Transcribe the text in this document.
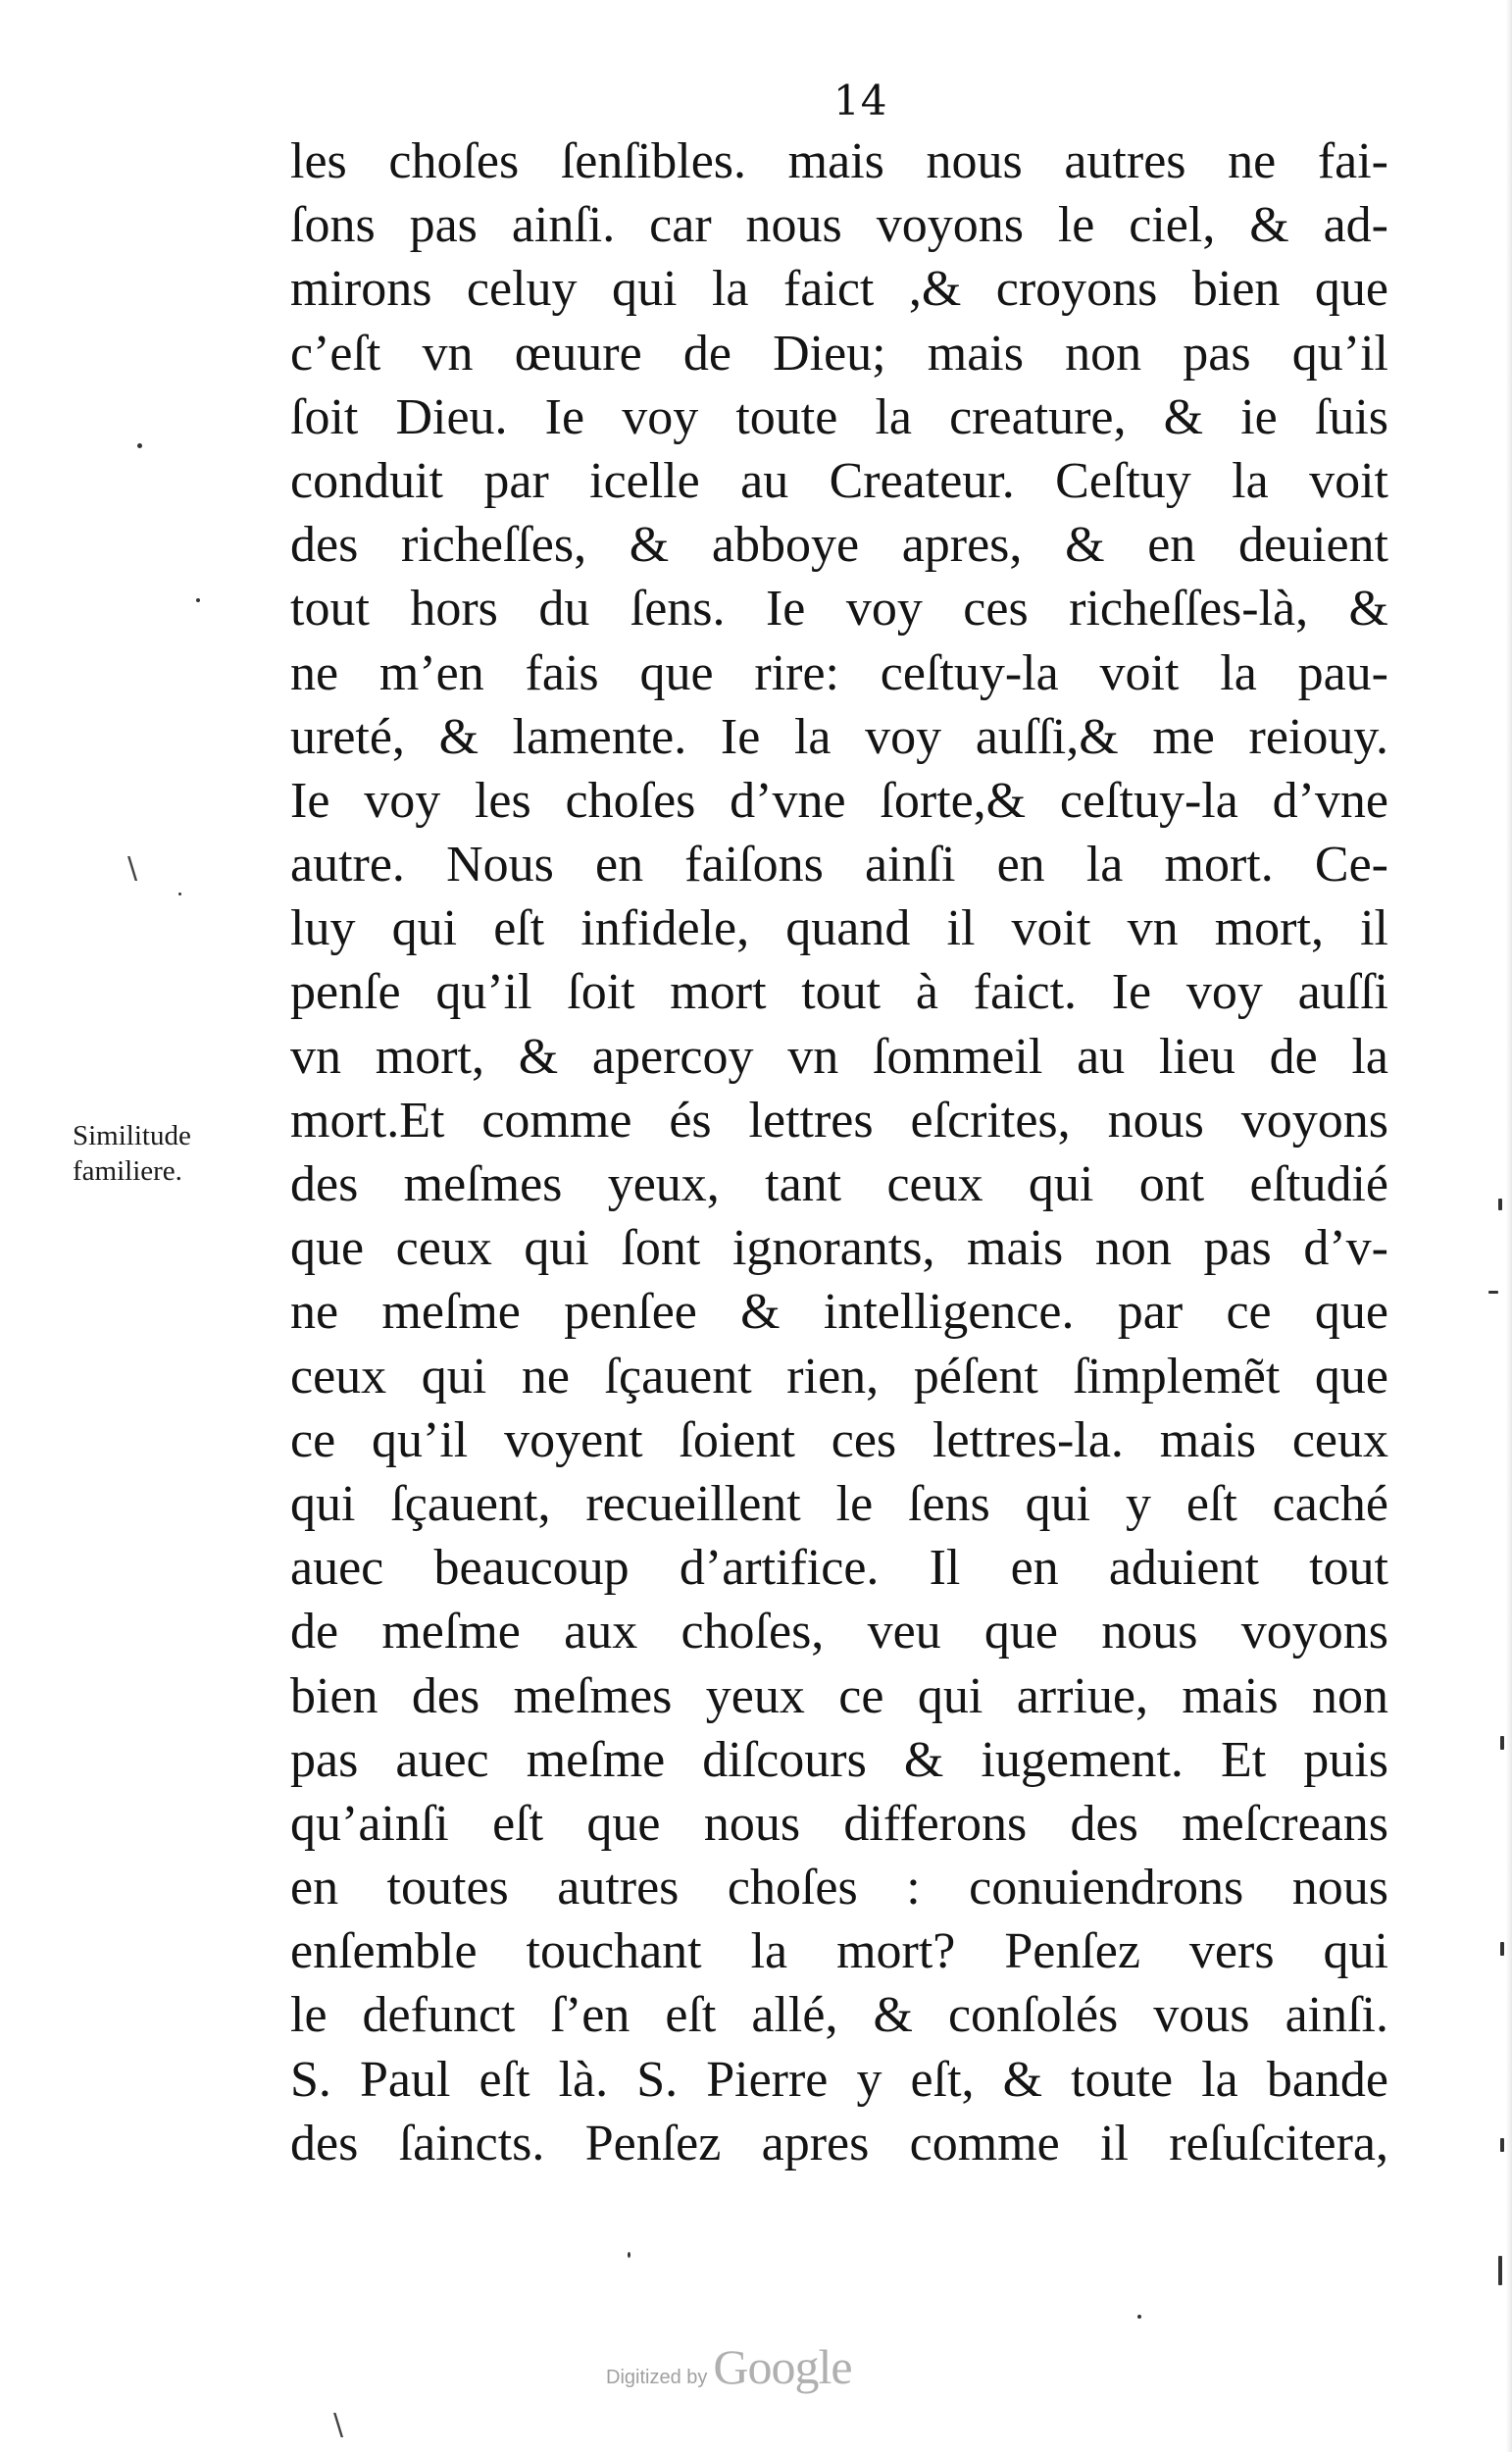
14
Similitude
familiere.
les choſes ſenſibles. mais nous autres ne fai-
ſons pas ainſi. car nous voyons le ciel, & ad-
mirons celuy qui la faict ,& croyons bien que
c’eſt vn œuure de Dieu; mais non pas qu’il
ſoit Dieu. Ie voy toute la creature, & ie ſuis
conduit par icelle au Createur. Ceſtuy la voit
des richeſſes, & abboye apres, & en deuient
tout hors du ſens. Ie voy ces richeſſes-là, &
ne m’en fais que rire: ceſtuy-la voit la pau-
ureté, & lamente. Ie la voy auſſi,& me reiouy.
Ie voy les choſes d’vne ſorte,& ceſtuy-la d’vne
autre. Nous en faiſons ainſi en la mort. Ce-
luy qui eſt infidele, quand il voit vn mort, il
penſe qu’il ſoit mort tout à faict. Ie voy auſſi
vn mort, & apercoy vn ſommeil au lieu de la
mort.Et comme és lettres eſcrites, nous voyons
des meſmes yeux, tant ceux qui ont eſtudié
que ceux qui ſont ignorants, mais non pas d’v-
ne meſme penſee & intelligence. par ce que
ceux qui ne ſçauent rien, péſent ſimplemẽt que
ce qu’il voyent ſoient ces lettres-la. mais ceux
qui ſçauent, recueillent le ſens qui y eſt caché
auec beaucoup d’artifice. Il en aduient tout
de meſme aux choſes, veu que nous voyons
bien des meſmes yeux ce qui arriue, mais non
pas auec meſme diſcours & iugement. Et puis
qu’ainſi eſt que nous differons des meſcreans
en toutes autres choſes : conuiendrons nous
enſemble touchant la mort? Penſez vers qui
le defunct ſ’en eſt allé, & conſolés vous ainſi.
S. Paul eſt là. S. Pierre y eſt, & toute la bande
des ſaincts. Penſez apres comme il reſuſcitera,
\
\
Digitized by Google
